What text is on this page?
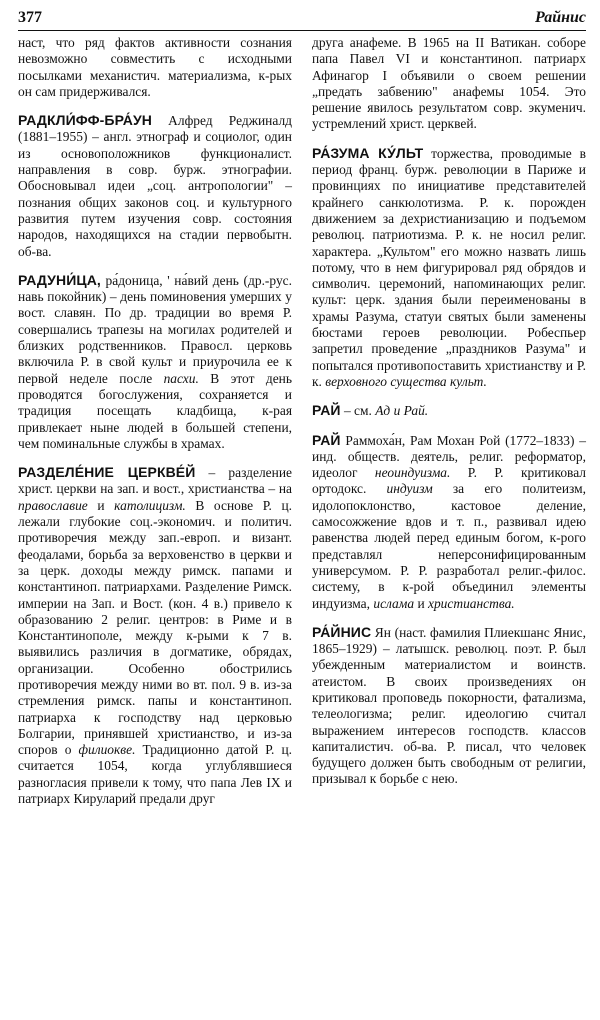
377	Райнис

наст, что ряд фактов активности сознания невозможно совместить с исходными посылками механистич. материализма, к-рых он сам придерживался.

РАДКЛИ́ФФ-БРА́УН Алфред Реджиналд (1881–1955) – англ. этнограф и социолог, один из основоположников функционалист. направления в совр. бурж. этнографии. Обосновывал идеи „соц. антропологии" – познания общих законов соц. и культурного развития путем изучения совр. состояния народов, находящихся на стадии первобытн. об-ва.

РАДУНИ́ЦА, ра́доница, ' на́вий день (др.-рус. навь покойник) – день поминовения умерших у вост. славян. По др. традиции во время Р. совершались трапезы на могилах родителей и близких родственников. Правосл. церковь включила Р. в свой культ и приурочила ее к первой неделе после пасхи. В этот день проводятся богослужения, сохраняется и традиция посещать кладбища, к-рая привлекает ныне людей в большей степени, чем поминальные службы в храмах.

РАЗДЕЛЕ́НИЕ ЦЕРКВЕ́Й – разделение христ. церкви на зап. и вост., христианства – на православие и католицизм. В основе Р. ц. лежали глубокие соц.-экономич. и политич. противоречия между зап.-европ. и визант. феодалами, борьба за верховенство в церкви и за церк. доходы между римск. папами и константиноп. патриархами. Разделение Римск. империи на Зап. и Вост. (кон. 4 в.) привело к образованию 2 религ. центров: в Риме и в Константинополе, между к-рыми к 7 в. выявились различия в догматике, обрядах, организации. Особенно обострились противоречия между ними во вт. пол. 9 в. из-за стремления римск. папы и константиноп. патриарха к господству над церковью Болгарии, принявшей христианство, и из-за споров о филиокве. Традиционно датой Р. ц. считается 1054, когда углублявшиеся разногласия привели к тому, что папа Лев IX и патриарх Кируларий предали друг

друга анафеме. В 1965 на II Ватикан. соборе папа Павел VI и константиноп. патриарх Афинагор I объявили о своем решении „предать забвению" анафемы 1054. Это решение явилось результатом совр. экуменич. устремлений христ. церквей.

РА́ЗУМА КУ́ЛЬТ торжества, проводимые в период франц. бурж. революции в Париже и провинциях по инициативе представителей крайнего санкюлотизма. Р. к. порожден движением за дехристианизацию и подъемом революц. патриотизма. Р. к. не носил религ. характера. „Культом" его можно назвать лишь потому, что в нем фигурировал ряд обрядов и символич. церемоний, напоминающих религ. культ: церк. здания были переименованы в храмы Разума, статуи святых были заменены бюстами героев революции. Робеспьер запретил проведение „праздников Разума" и попытался противопоставить христианству и Р. к. верховного существа культ.

РАЙ – см. Ад и Рай.

РАЙ Раммоха́н, Рам Мохан Рой (1772–1833) – инд. обществ. деятель, религ. реформатор, идеолог неоиндуизма. Р. Р. критиковал ортодокс. индуизм за его политеизм, идолопоклонство, кастовое деление, самосожжение вдов и т. п., развивал идею равенства людей перед единым богом, к-рого представлял неперсонифицированным универсумом. Р. Р. разработал религ.-филос. систему, в к-рой объединил элементы индуизма, ислама и христианства.

РА́ЙНИС Ян (наст. фамилия Плиекшанс Янис, 1865–1929) – латышск. революц. поэт. Р. был убежденным материалистом и воинств. атеистом. В своих произведениях он критиковал проповедь покорности, фатализма, телеологизма; религ. идеологию считал выражением интересов господств. классов капиталистич. об-ва. Р. писал, что человек будущего должен быть свободным от религии, призывал к борьбе с нею.
